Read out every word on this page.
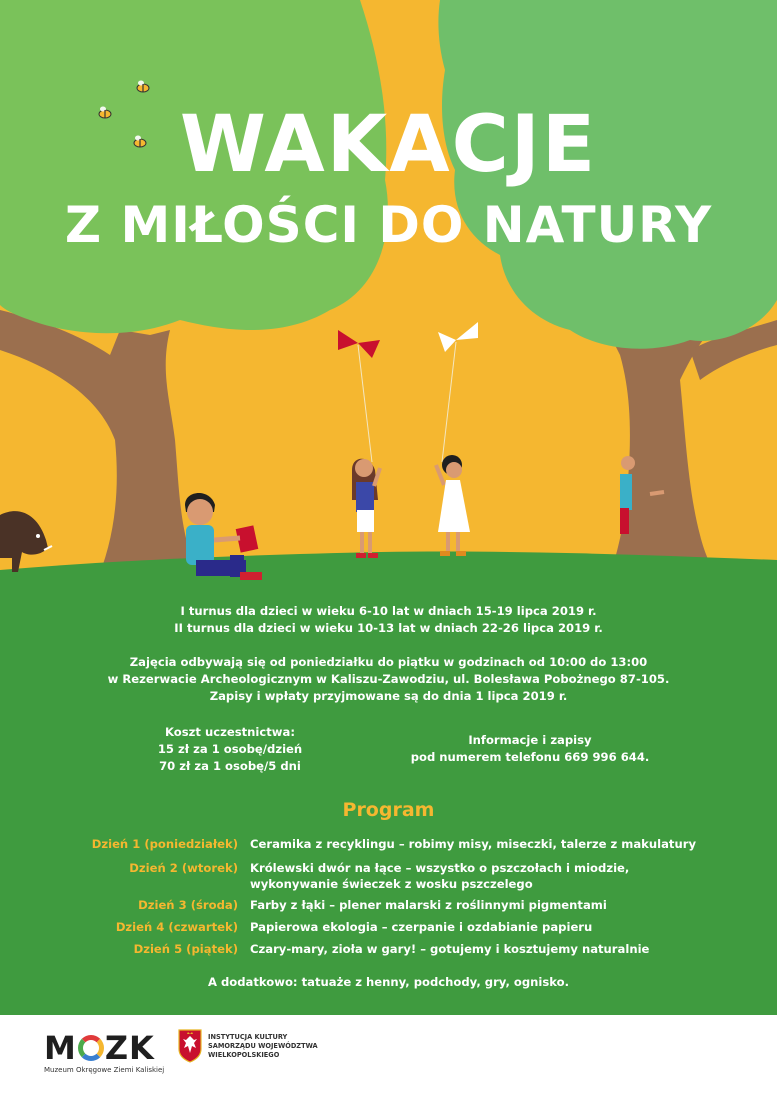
WAKACJE
Z MIŁOŚCI DO NATURY
I turnus dla dzieci w wieku 6-10 lat w dniach 15-19 lipca 2019 r.
II turnus dla dzieci w wieku 10-13 lat w dniach 22-26 lipca 2019 r.
Zajęcia odbywają się od poniedziałku do piątku w godzinach od 10:00 do 13:00
w Rezerwacie Archeologicznym w Kaliszu-Zawodziu, ul. Bolesława Pobożnego 87-105.
Zapisy i wpłaty przyjmowane są do dnia 1 lipca 2019 r.
Koszt uczestnictwa:
15 zł za 1 osobę/dzień
70 zł za 1 osobę/5 dni
Informacje i zapisy
pod numerem telefonu 669 996 644.
Program
Dzień 1 (poniedziałek) Ceramika z recyklingu – robimy misy, miseczki, talerze z makulatury
Dzień 2 (wtorek) Królewski dwór na łące – wszystko o pszczołach i miodzie,
wykonywanie świeczek z wosku pszczelego
Dzień 3 (środa) Farby z łąki – plener malarski z roślinnymi pigmentami
Dzień 4 (czwartek) Papierowa ekologia – czerpanie i ozdabianie papieru
Dzień 5 (piątek) Czary-mary, zioła w gary! – gotujemy i kosztujemy naturalnie
A dodatkowo: tatuaże z henny, podchody, gry, ognisko.
M ZK
Muzeum Okręgowe Ziemi Kaliskiej
INSTYTUCJA KULTURY
SAMORZĄDU WOJEWÓDZTWA
WIELKOPOLSKIEGO
